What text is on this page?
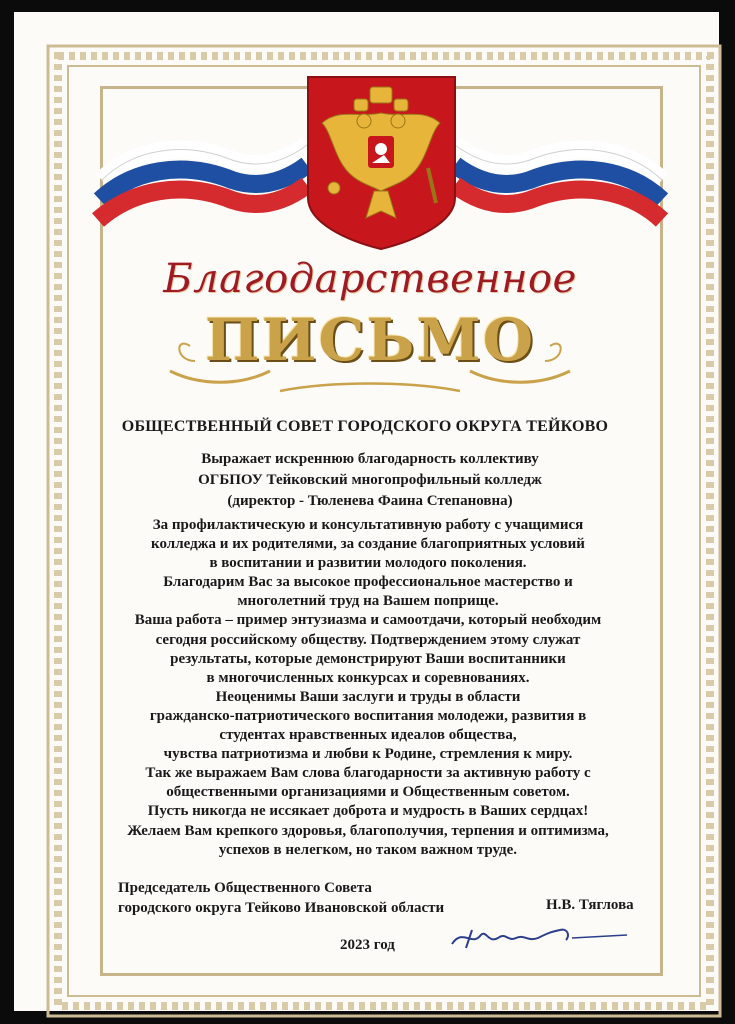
Благодарственное
ПИСЬМО
ОБЩЕСТВЕННЫЙ СОВЕТ ГОРОДСКОГО ОКРУГА ТЕЙКОВО
Выражает искреннюю благодарность коллективу
ОГБПОУ Тейковский многопрофильный колледж
(директор - Тюленева Фаина Степановна)
За профилактическую и консультативную работу с учащимися
колледжа и их родителями, за создание благоприятных условий
в воспитании и развитии молодого поколения.
Благодарим Вас за высокое профессиональное мастерство и
многолетний труд на Вашем поприще.
Ваша работа – пример энтузиазма и самоотдачи, который необходим
сегодня российскому обществу. Подтверждением этому служат
результаты, которые демонстрируют Ваши воспитанники
в многочисленных конкурсах и соревнованиях.
Неоценимы Ваши заслуги и труды в области
гражданско-патриотического воспитания молодежи, развития в
студентах нравственных идеалов общества,
чувства патриотизма и любви к Родине, стремления к миру.
Так же выражаем Вам слова благодарности за активную работу с
общественными организациями и Общественным советом.
Пусть никогда не иссякает доброта и мудрость в Ваших сердцах!
Желаем Вам крепкого здоровья, благополучия, терпения и оптимизма,
успехов в нелегком, но таком важном труде.
Председатель Общественного Совета
городского округа Тейково Ивановской области	Н.В. Тяглова
2023 год
